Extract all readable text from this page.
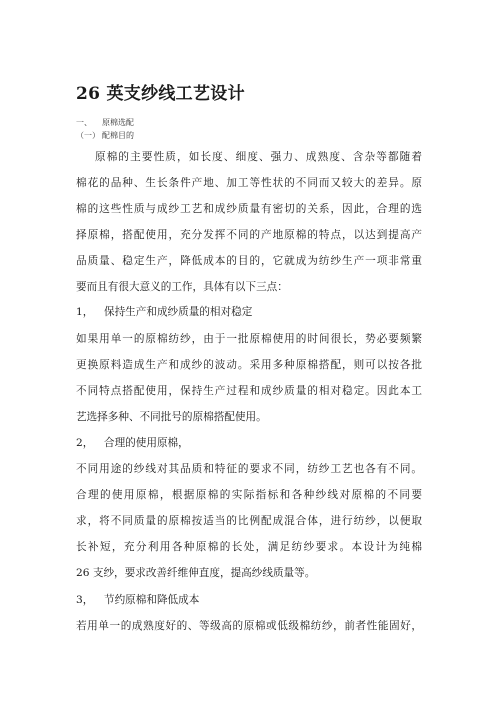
26 英支纱线工艺设计
一、 原棉选配
（一） 配棉目的
原棉的主要性质，如长度、细度、强力、成熟度、含杂等都随着
棉花的品种、生长条件产地、加工等性状的不同而又较大的差异。原
棉的这些性质与成纱工艺和成纱质量有密切的关系，因此，合理的选
择原棉，搭配使用，充分发挥不同的产地原棉的特点，以达到提高产
品质量、稳定生产，降低成本的目的，它就成为纺纱生产一项非常重
要而且有很大意义的工作，具体有以下三点：
1， 保持生产和成纱质量的相对稳定
如果用单一的原棉纺纱，由于一批原棉使用的时间很长，势必要频繁
更换原料造成生产和成纱的波动。采用多种原棉搭配，则可以按各批
不同特点搭配使用，保持生产过程和成纱质量的相对稳定。因此本工
艺选择多种、不同批号的原棉搭配使用。
2， 合理的使用原棉，
不同用途的纱线对其品质和特征的要求不同，纺纱工艺也各有不同。
合理的使用原棉，根据原棉的实际指标和各种纱线对原棉的不同要
求，将不同质量的原棉按适当的比例配成混合体，进行纺纱，以便取
长补短，充分利用各种原棉的长处，满足纺纱要求。本设计为纯棉
26 支纱，要求改善纤维伸直度，提高纱线质量等。
3， 节约原棉和降低成本
若用单一的成熟度好的、等级高的原棉或低级棉纺纱，前者性能固好，
